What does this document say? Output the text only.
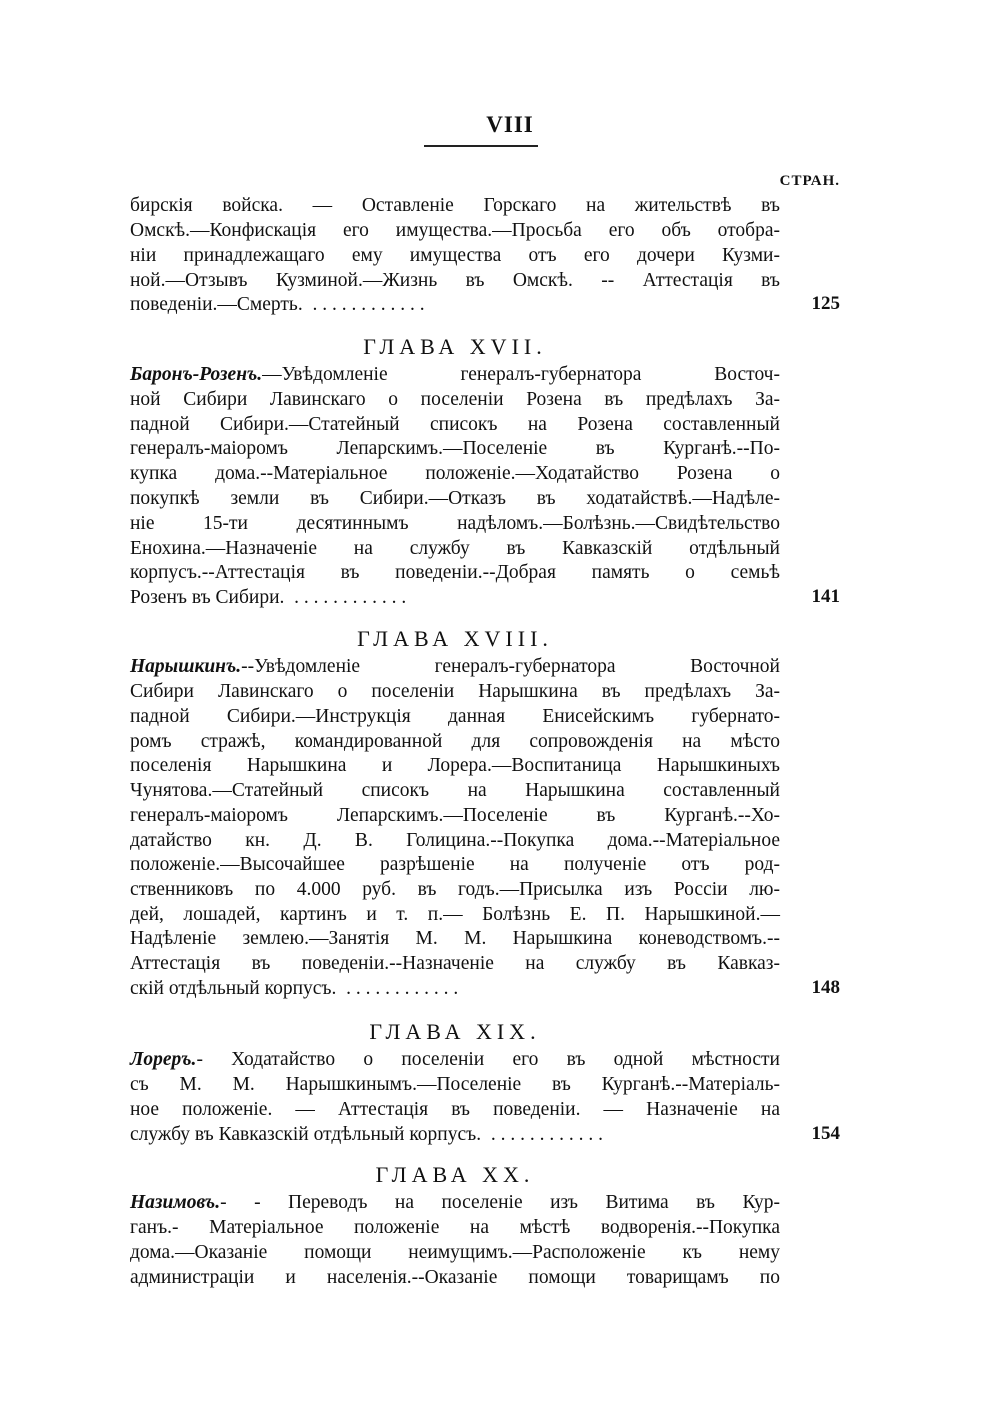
VIII
СТРАН.
бирскія войска. — Оставленіе Горскаго на жительствѣ въ
Омскѣ.—Конфискація его имущества.—Просьба его объ отобра-
ніи принадлежащаго ему имущества отъ его дочери Кузми-
ной.—Отзывъ Кузминой.—Жизнь въ Омскѣ. -- Аттестація въ
поведеніи.—Смерть. . . . . . . . . . . . .	125
ГЛАВА XVII.
Баронъ-Розенъ.—Увѣдомленіе генералъ-губернатора Восточ-
ной Сибири Лавинскаго о поселеніи Розена въ предѣлахъ За-
падной Сибири.—Статейный списокъ на Розена составленный
генералъ-маіоромъ Лепарскимъ.—Поселеніе въ Курганѣ.--По-
купка дома.--Матеріальное положеніе.—Ходатайство Розена о
покупкѣ земли въ Сибири.—Отказъ въ ходатайствѣ.—Надѣле-
ніе 15-ти десятиннымъ надѣломъ.—Болѣзнь.—Свидѣтельство
Енохина.—Назначеніе на службу въ Кавказскій отдѣльный
корпусъ.--Аттестація въ поведеніи.--Добрая память о семьѣ
Розенъ въ Сибири. . . . . . . . . . . . .	141
ГЛАВА XVIII.
Нарышкинъ.--Увѣдомленіе генералъ-губернатора Восточной
Сибири Лавинскаго о поселеніи Нарышкина въ предѣлахъ За-
падной Сибири.—Инструкція данная Енисейскимъ губернато-
ромъ стражѣ, командированной для сопровожденія на мѣсто
поселенія Нарышкина и Лорера.—Воспитаница Нарышкиныхъ
Чунятова.—Статейный списокъ на Нарышкина составленный
генералъ-маіоромъ Лепарскимъ.—Поселеніе въ Курганѣ.--Хо-
датайство кн. Д. В. Голицина.--Покупка дома.--Матеріальное
положеніе.—Высочайшее разрѣшеніе на полученіе отъ род-
ственниковъ по 4.000 руб. въ годъ.—Присылка изъ Россіи лю-
дей, лошадей, картинъ и т. п.— Болѣзнь Е. П. Нарышкиной.—
Надѣленіе землею.—Занятія М. М. Нарышкина коневодствомъ.--
Аттестація въ поведеніи.--Назначеніе на службу въ Кавказ-
скій отдѣльный корпусъ. . . . . . . . . . . . .	148
ГЛАВА XIX.
Лореръ.- Ходатайство о поселеніи его въ одной мѣстности
съ М. М. Нарышкинымъ.—Поселеніе въ Курганѣ.--Матеріаль-
ное положеніе. — Аттестація въ поведеніи. — Назначеніе на
службу въ Кавказскій отдѣльный корпусъ. . . . . . . . . . . . .	154
ГЛАВА XX.
Назимовъ.- - Переводъ на поселеніе изъ Витима въ Кур-
ганъ.- Матеріальное положеніе на мѣстѣ водворенія.--Покупка
дома.—Оказаніе помощи неимущимъ.—Расположеніе къ нему
администраціи и населенія.--Оказаніе помощи товарищамъ по
